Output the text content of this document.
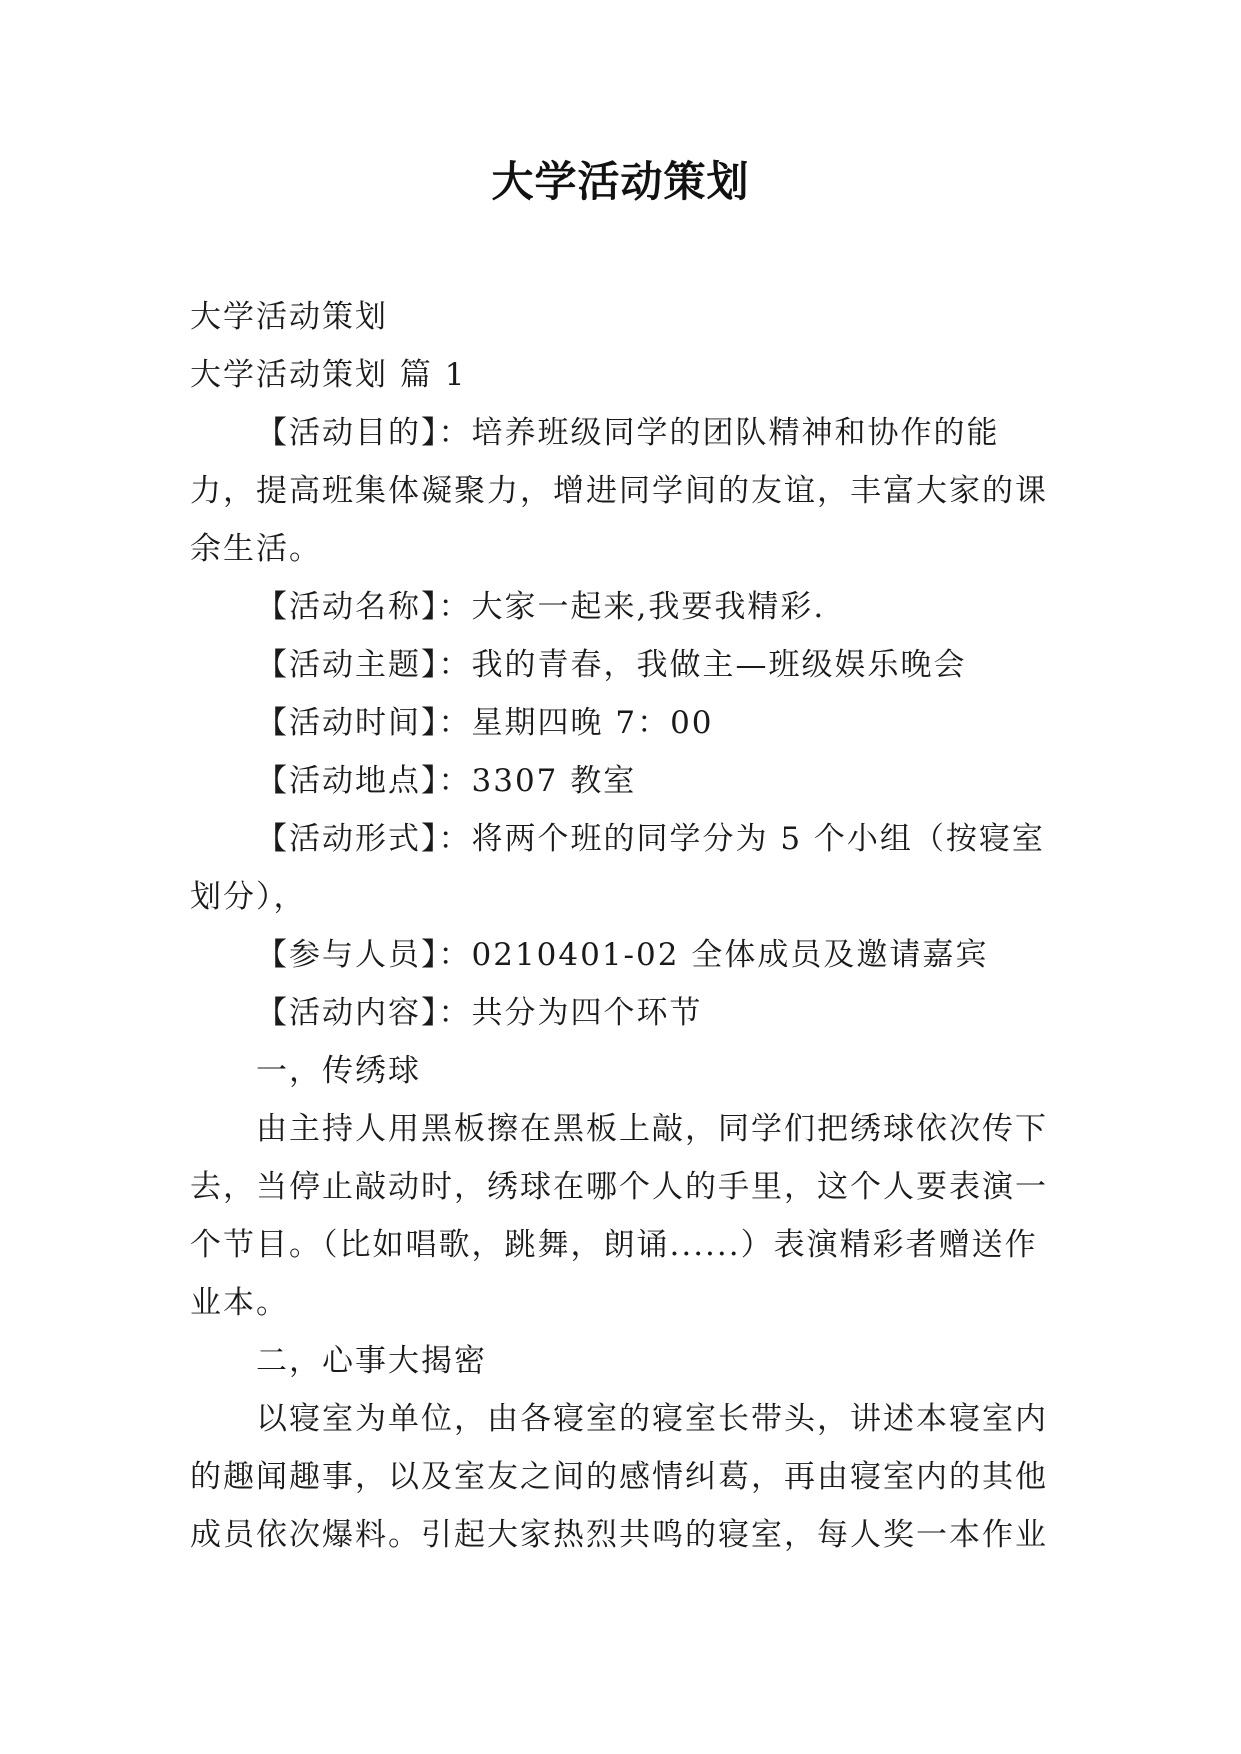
大学活动策划

大学活动策划

大学活动策划 篇 1

【活动目的】：培养班级同学的团队精神和协作的能力，提高班集体凝聚力，增进同学间的友谊，丰富大家的课余生活。

【活动名称】：大家一起来,我要我精彩.

【活动主题】：我的青春，我做主—班级娱乐晚会

【活动时间】：星期四晚 7：00

【活动地点】：3307 教室

【活动形式】：将两个班的同学分为 5 个小组（按寝室划分），

【参与人员】：0210401-02 全体成员及邀请嘉宾

【活动内容】：共分为四个环节

一，传绣球

由主持人用黑板擦在黑板上敲，同学们把绣球依次传下去，当停止敲动时，绣球在哪个人的手里，这个人要表演一个节目。（比如唱歌，跳舞，朗诵......）表演精彩者赠送作业本。

二，心事大揭密

以寝室为单位，由各寝室的寝室长带头，讲述本寝室内的趣闻趣事，以及室友之间的感情纠葛，再由寝室内的其他成员依次爆料。引起大家热烈共鸣的寝室，每人奖一本作业
